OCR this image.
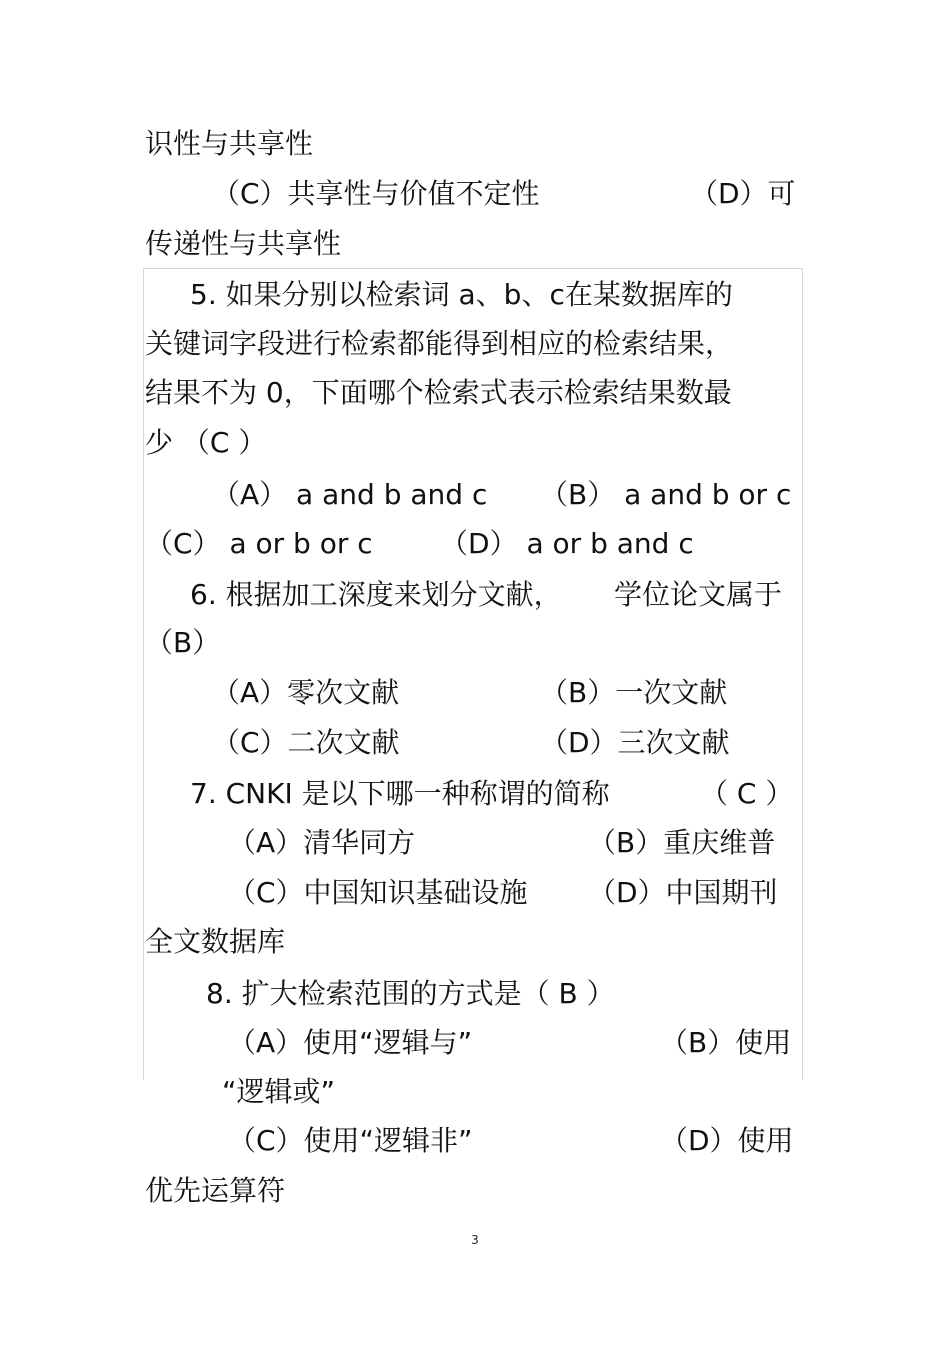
识性与共享性
（C）共享性与价值不定性	（D）可
传递性与共享性
5. 如果分别以检索词 a、b、c在某数据库的
关键词字段进行检索都能得到相应的检索结果，
结果不为 0，下面哪个检索式表示检索结果数最
少 （C ）
（A） a and b and c （B） a and b or c
（C） a or b or c （D） a or b and c
6. 根据加工深度来划分文献， 学位论文属于
（B）
（A）零次文献	（B）一次文献
（C）二次文献	（D）三次文献
7. CNKI 是以下哪一种称谓的简称	（ C ）
（A）清华同方	（B）重庆维普
（C）中国知识基础设施 （D）中国期刊
全文数据库
8. 扩大检索范围的方式是（ B ）
（A）使用“逻辑与”	（B）使用
“逻辑或”
（C）使用“逻辑非”	（D）使用
优先运算符
3
